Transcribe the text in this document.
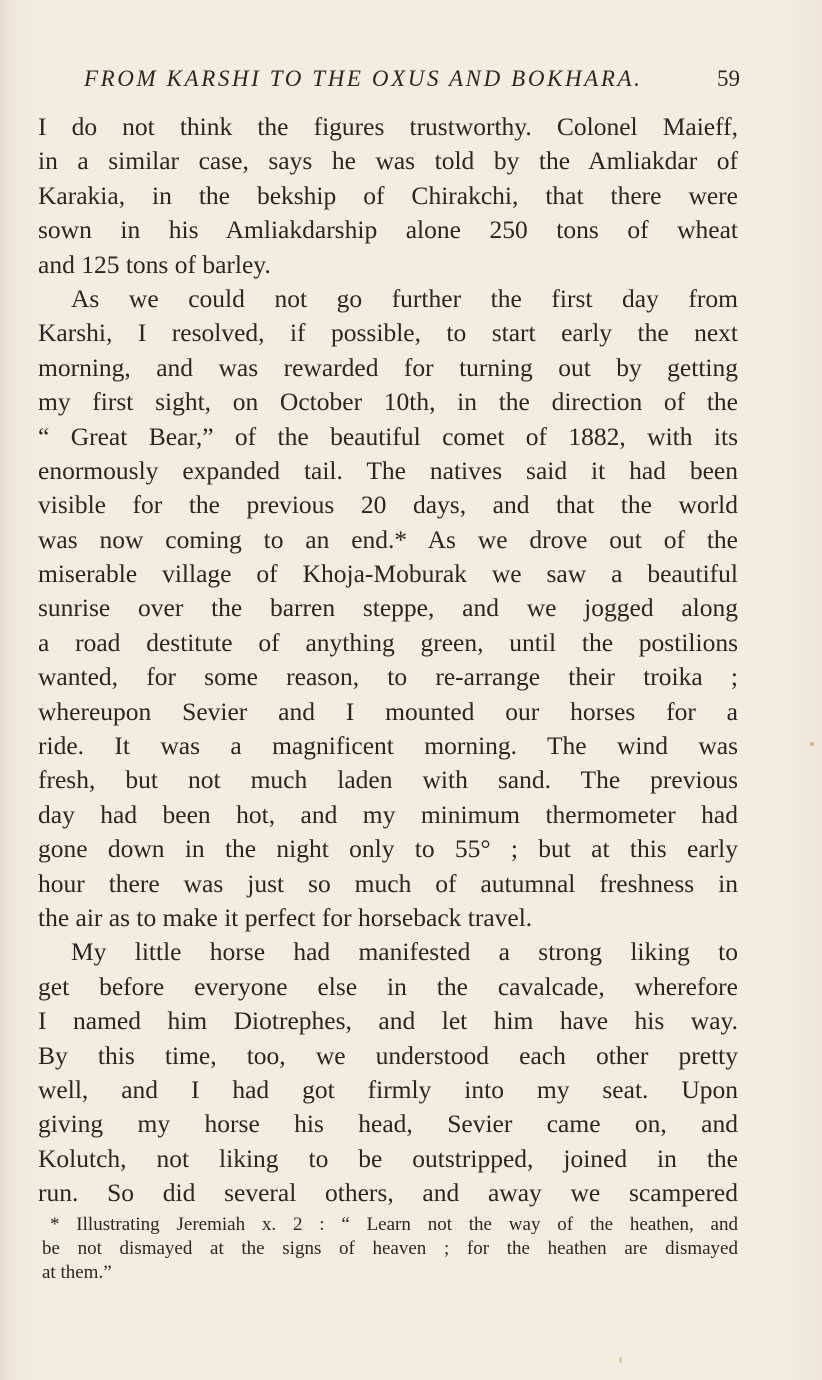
FROM KARSHI TO THE OXUS AND BOKHARA.	59
I do not think the figures trustworthy. Colonel Maieff,
in a similar case, says he was told by the Amliakdar of
Karakia, in the bekship of Chirakchi, that there were
sown in his Amliakdarship alone 250 tons of wheat
and 125 tons of barley.
As we could not go further the first day from
Karshi, I resolved, if possible, to start early the next
morning, and was rewarded for turning out by getting
my first sight, on October 10th, in the direction of the
“ Great Bear,” of the beautiful comet of 1882, with its
enormously expanded tail. The natives said it had been
visible for the previous 20 days, and that the world
was now coming to an end.* As we drove out of the
miserable village of Khoja-Moburak we saw a beautiful
sunrise over the barren steppe, and we jogged along
a road destitute of anything green, until the postilions
wanted, for some reason, to re-arrange their troika ;
whereupon Sevier and I mounted our horses for a
ride. It was a magnificent morning. The wind was
fresh, but not much laden with sand. The previous
day had been hot, and my minimum thermometer had
gone down in the night only to 55° ; but at this early
hour there was just so much of autumnal freshness in
the air as to make it perfect for horseback travel.
My little horse had manifested a strong liking to
get before everyone else in the cavalcade, wherefore
I named him Diotrephes, and let him have his way.
By this time, too, we understood each other pretty
well, and I had got firmly into my seat. Upon
giving my horse his head, Sevier came on, and
Kolutch, not liking to be outstripped, joined in the
run. So did several others, and away we scampered
* Illustrating Jeremiah x. 2 : “ Learn not the way of the heathen, and
be not dismayed at the signs of heaven ; for the heathen are dismayed
at them.”
